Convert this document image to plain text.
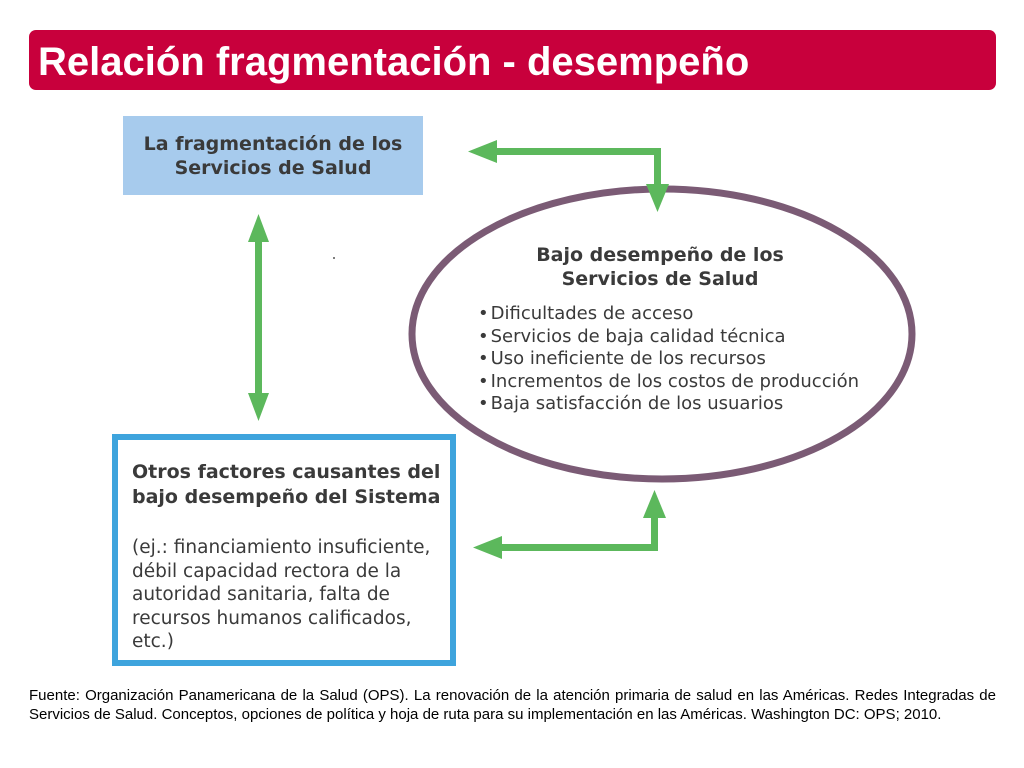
Relación fragmentación - desempeño
La fragmentación de los
Servicios de Salud
Bajo desempeño de los
Servicios de Salud
• Dificultades de acceso
• Servicios de baja calidad técnica
• Uso ineficiente de los recursos
• Incrementos de los costos de producción
• Baja satisfacción de los usuarios
Otros factores causantes del
bajo desempeño del Sistema
(ej.: financiamiento insuficiente,
débil capacidad rectora de la
autoridad sanitaria, falta de
recursos humanos calificados,
etc.)

Fuente: Organización Panamericana de la Salud (OPS). La renovación de la atención primaria de salud en las Américas. Redes Integradas de Servicios de Salud. Conceptos, opciones de política y hoja de ruta para su implementación en las Américas. Washington DC: OPS; 2010.
